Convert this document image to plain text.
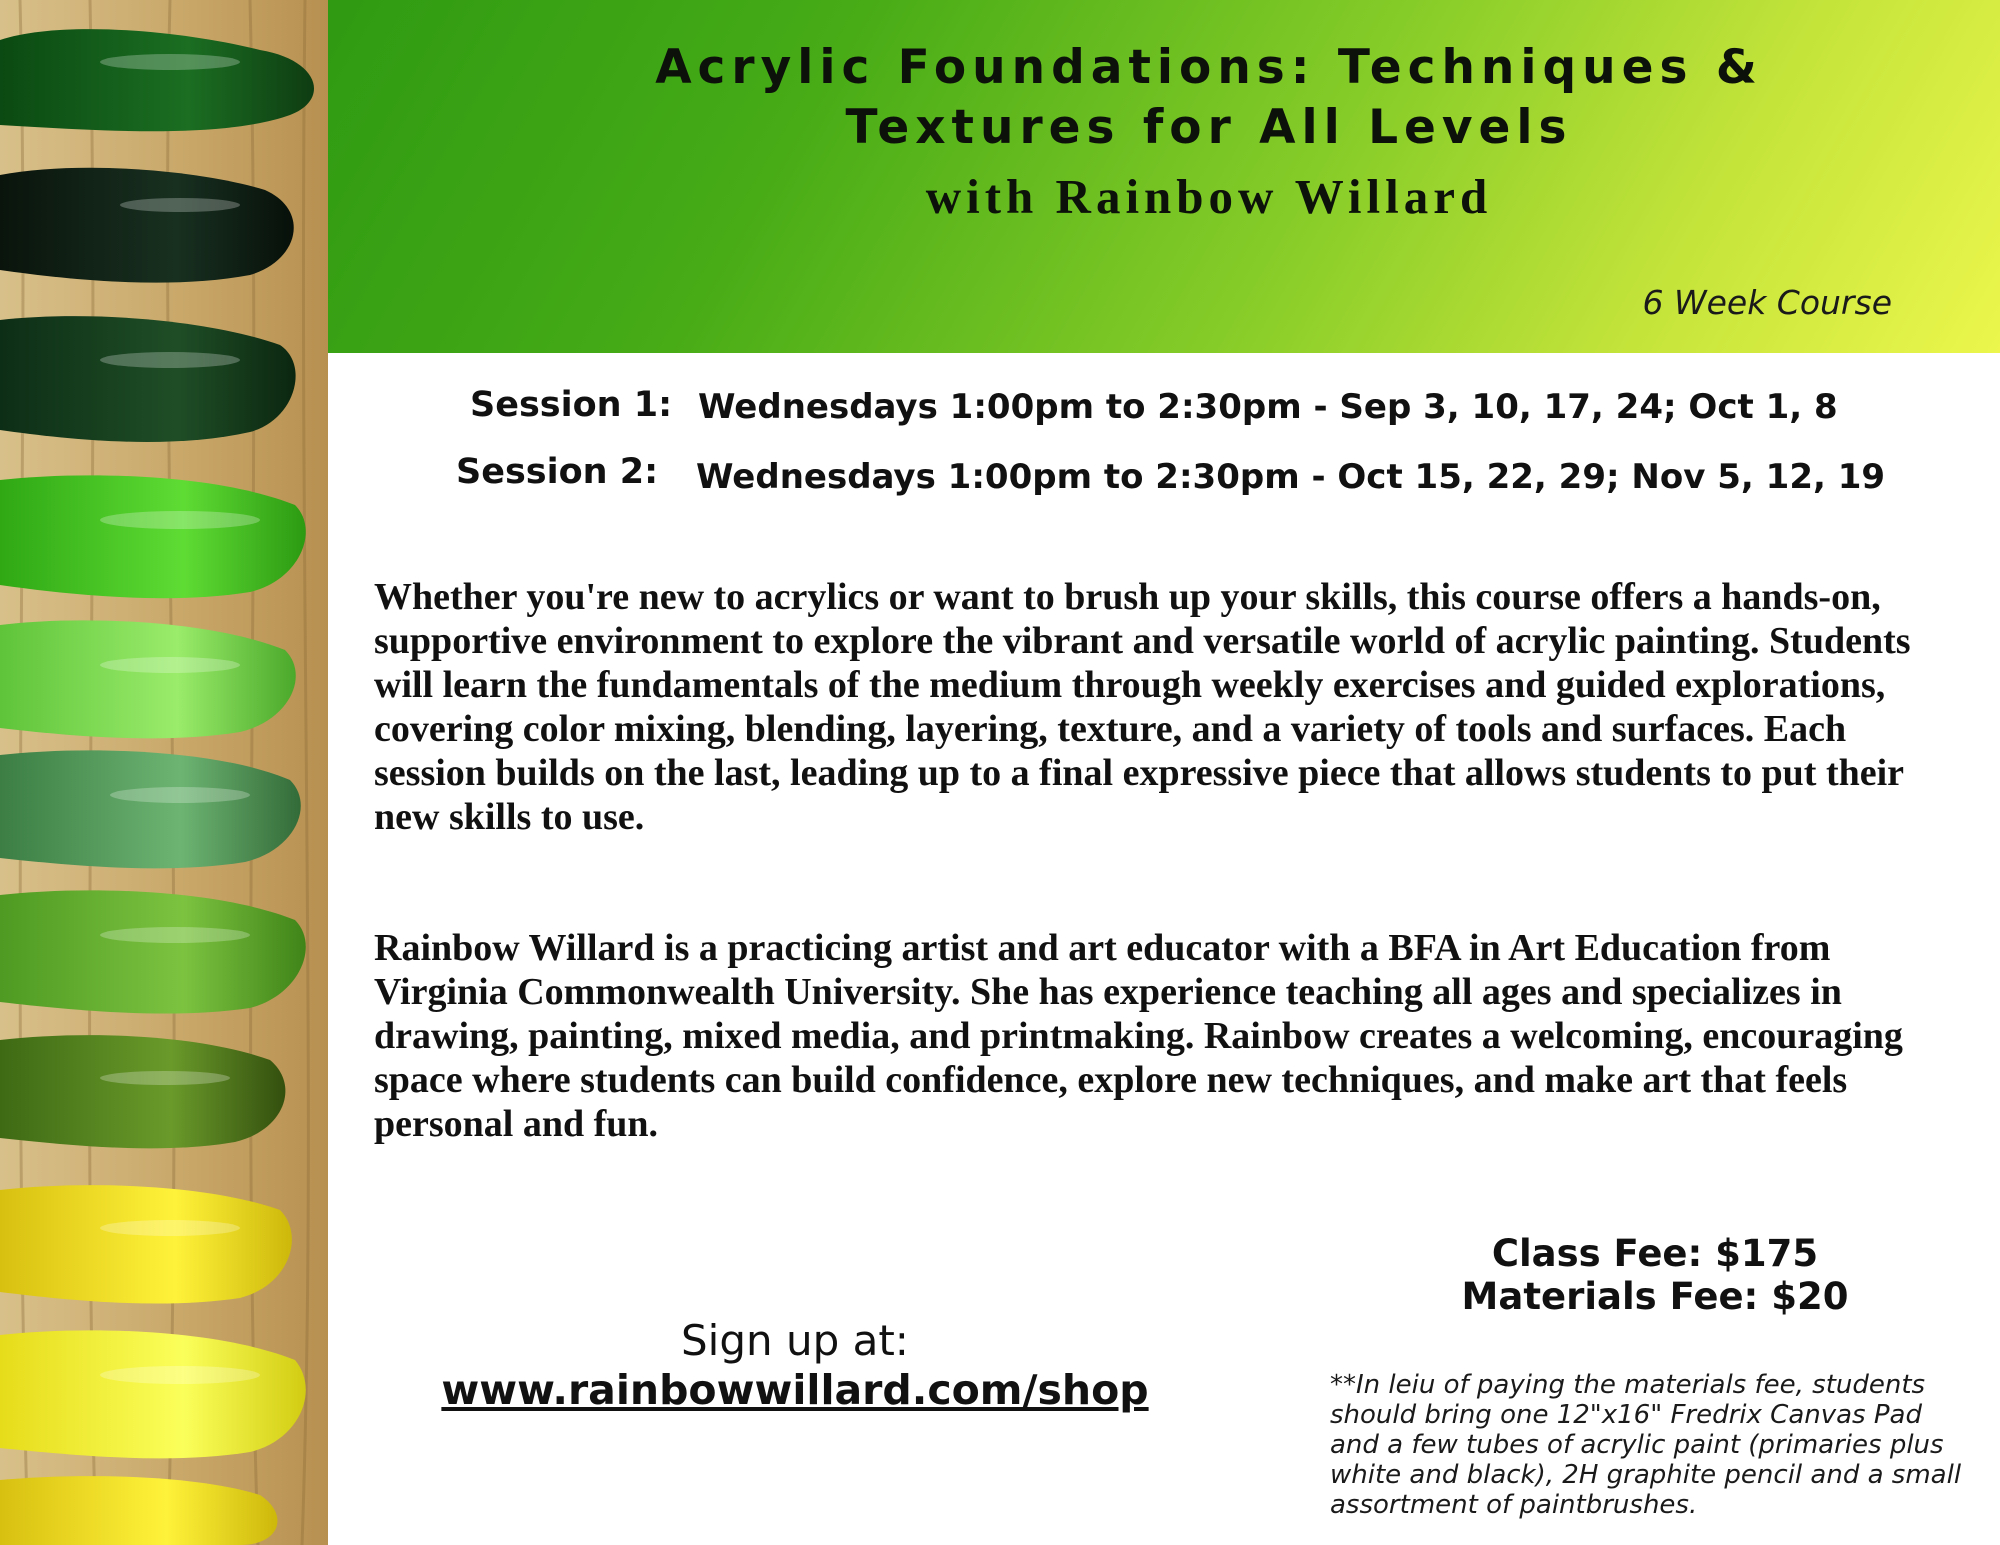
Acrylic Foundations: Techniques &
Textures for All Levels
with Rainbow Willard
6 Week Course
Session 1: Wednesdays 1:00pm to 2:30pm - Sep 3, 10, 17, 24; Oct 1, 8
Session 2: Wednesdays 1:00pm to 2:30pm - Oct 15, 22, 29; Nov 5, 12, 19

Whether you're new to acrylics or want to brush up your skills, this course offers a hands-on, supportive environment to explore the vibrant and versatile world of acrylic painting. Students will learn the fundamentals of the medium through weekly exercises and guided explorations, covering color mixing, blending, layering, texture, and a variety of tools and surfaces. Each session builds on the last, leading up to a final expressive piece that allows students to put their new skills to use.

Rainbow Willard is a practicing artist and art educator with a BFA in Art Education from Virginia Commonwealth University. She has experience teaching all ages and specializes in drawing, painting, mixed media, and printmaking. Rainbow creates a welcoming, encouraging space where students can build confidence, explore new techniques, and make art that feels personal and fun.

Class Fee: $175
Materials Fee: $20
Sign up at:
www.rainbowwillard.com/shop	**In leiu of paying the materials fee, students should bring one 12"x16" Fredrix Canvas Pad and a few tubes of acrylic paint (primaries plus white and black), 2H graphite pencil and a small assortment of paintbrushes.
